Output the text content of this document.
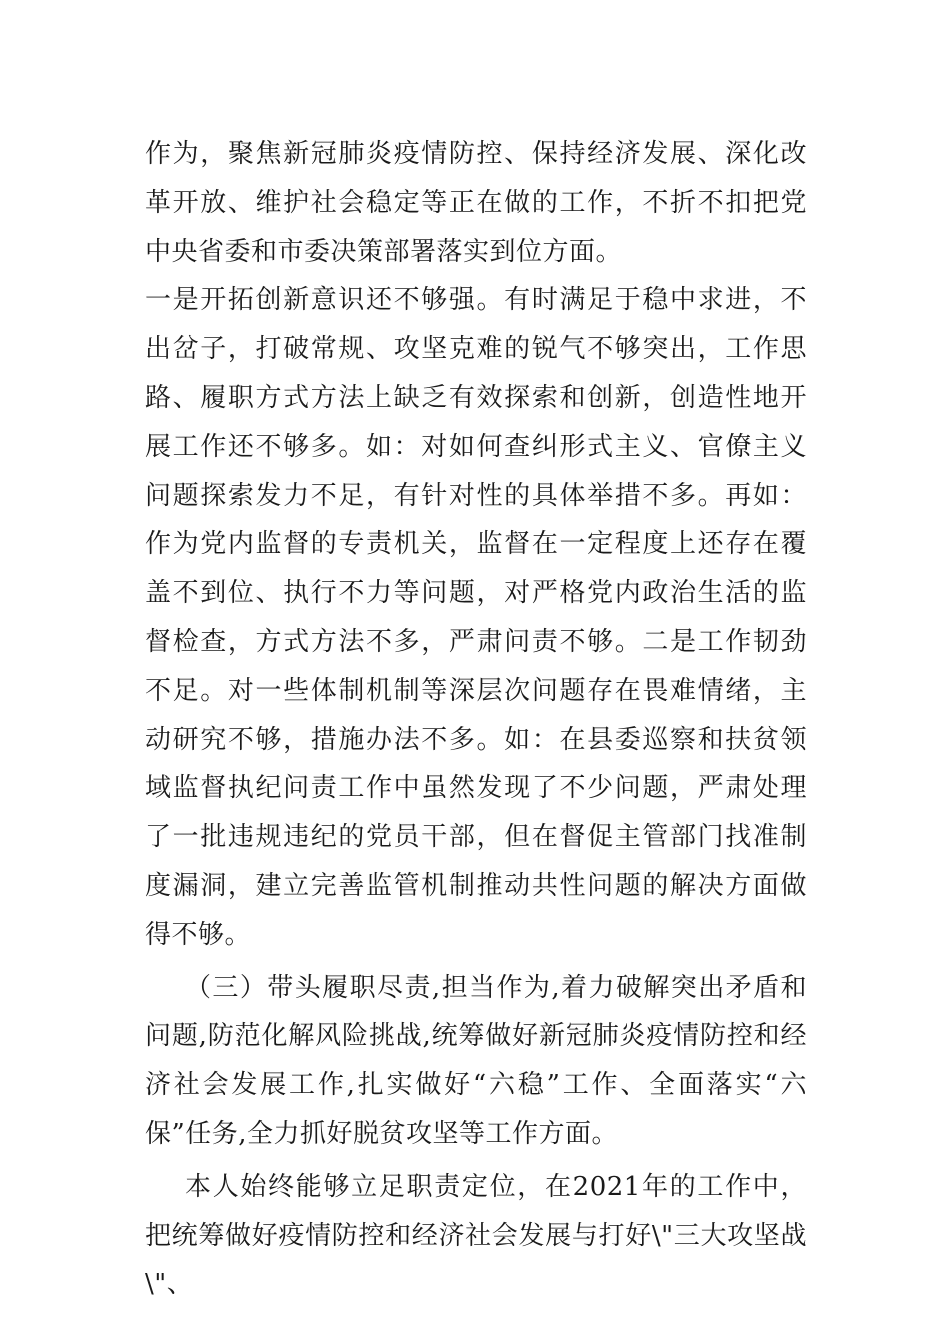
作为，聚焦新冠肺炎疫情防控、保持经济发展、深化改革开放、维护社会稳定等正在做的工作，不折不扣把党中央省委和市委决策部署落实到位方面。

一是开拓创新意识还不够强。有时满足于稳中求进，不出岔子，打破常规、攻坚克难的锐气不够突出，工作思路、履职方式方法上缺乏有效探索和创新，创造性地开展工作还不够多。如：对如何查纠形式主义、官僚主义问题探索发力不足，有针对性的具体举措不多。再如：作为党内监督的专责机关，监督在一定程度上还存在覆盖不到位、执行不力等问题，对严格党内政治生活的监督检查，方式方法不多，严肃问责不够。二是工作韧劲不足。对一些体制机制等深层次问题存在畏难情绪，主动研究不够，措施办法不多。如：在县委巡察和扶贫领域监督执纪问责工作中虽然发现了不少问题，严肃处理了一批违规违纪的党员干部，但在督促主管部门找准制度漏洞，建立完善监管机制推动共性问题的解决方面做得不够。

（三）带头履职尽责,担当作为,着力破解突出矛盾和问题,防范化解风险挑战,统筹做好新冠肺炎疫情防控和经济社会发展工作,扎实做好“六稳”工作、全面落实“六保”任务,全力抓好脱贫攻坚等工作方面。

本人始终能够立足职责定位，在2021年的工作中，把统筹做好疫情防控和经济社会发展与打好\"三大攻坚战\"、
